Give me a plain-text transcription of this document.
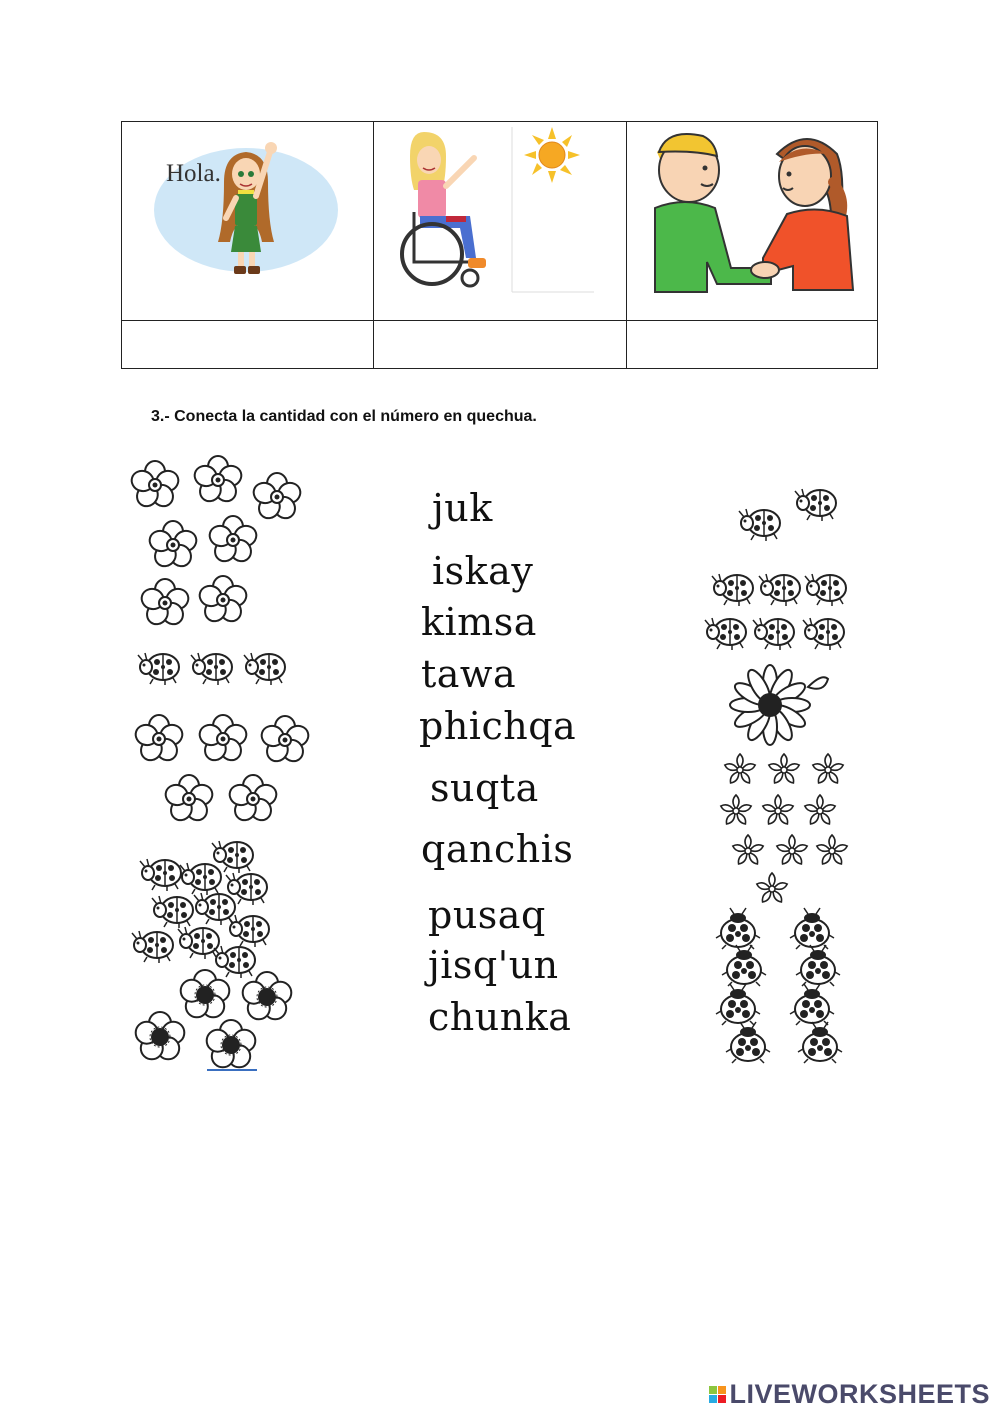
Hola.
3.- Conecta la cantidad con el número en quechua.
juk
iskay
kimsa
tawa
phichqa
suqta
qanchis
pusaq
jisq'un
chunka
LIVEWORKSHEETS
